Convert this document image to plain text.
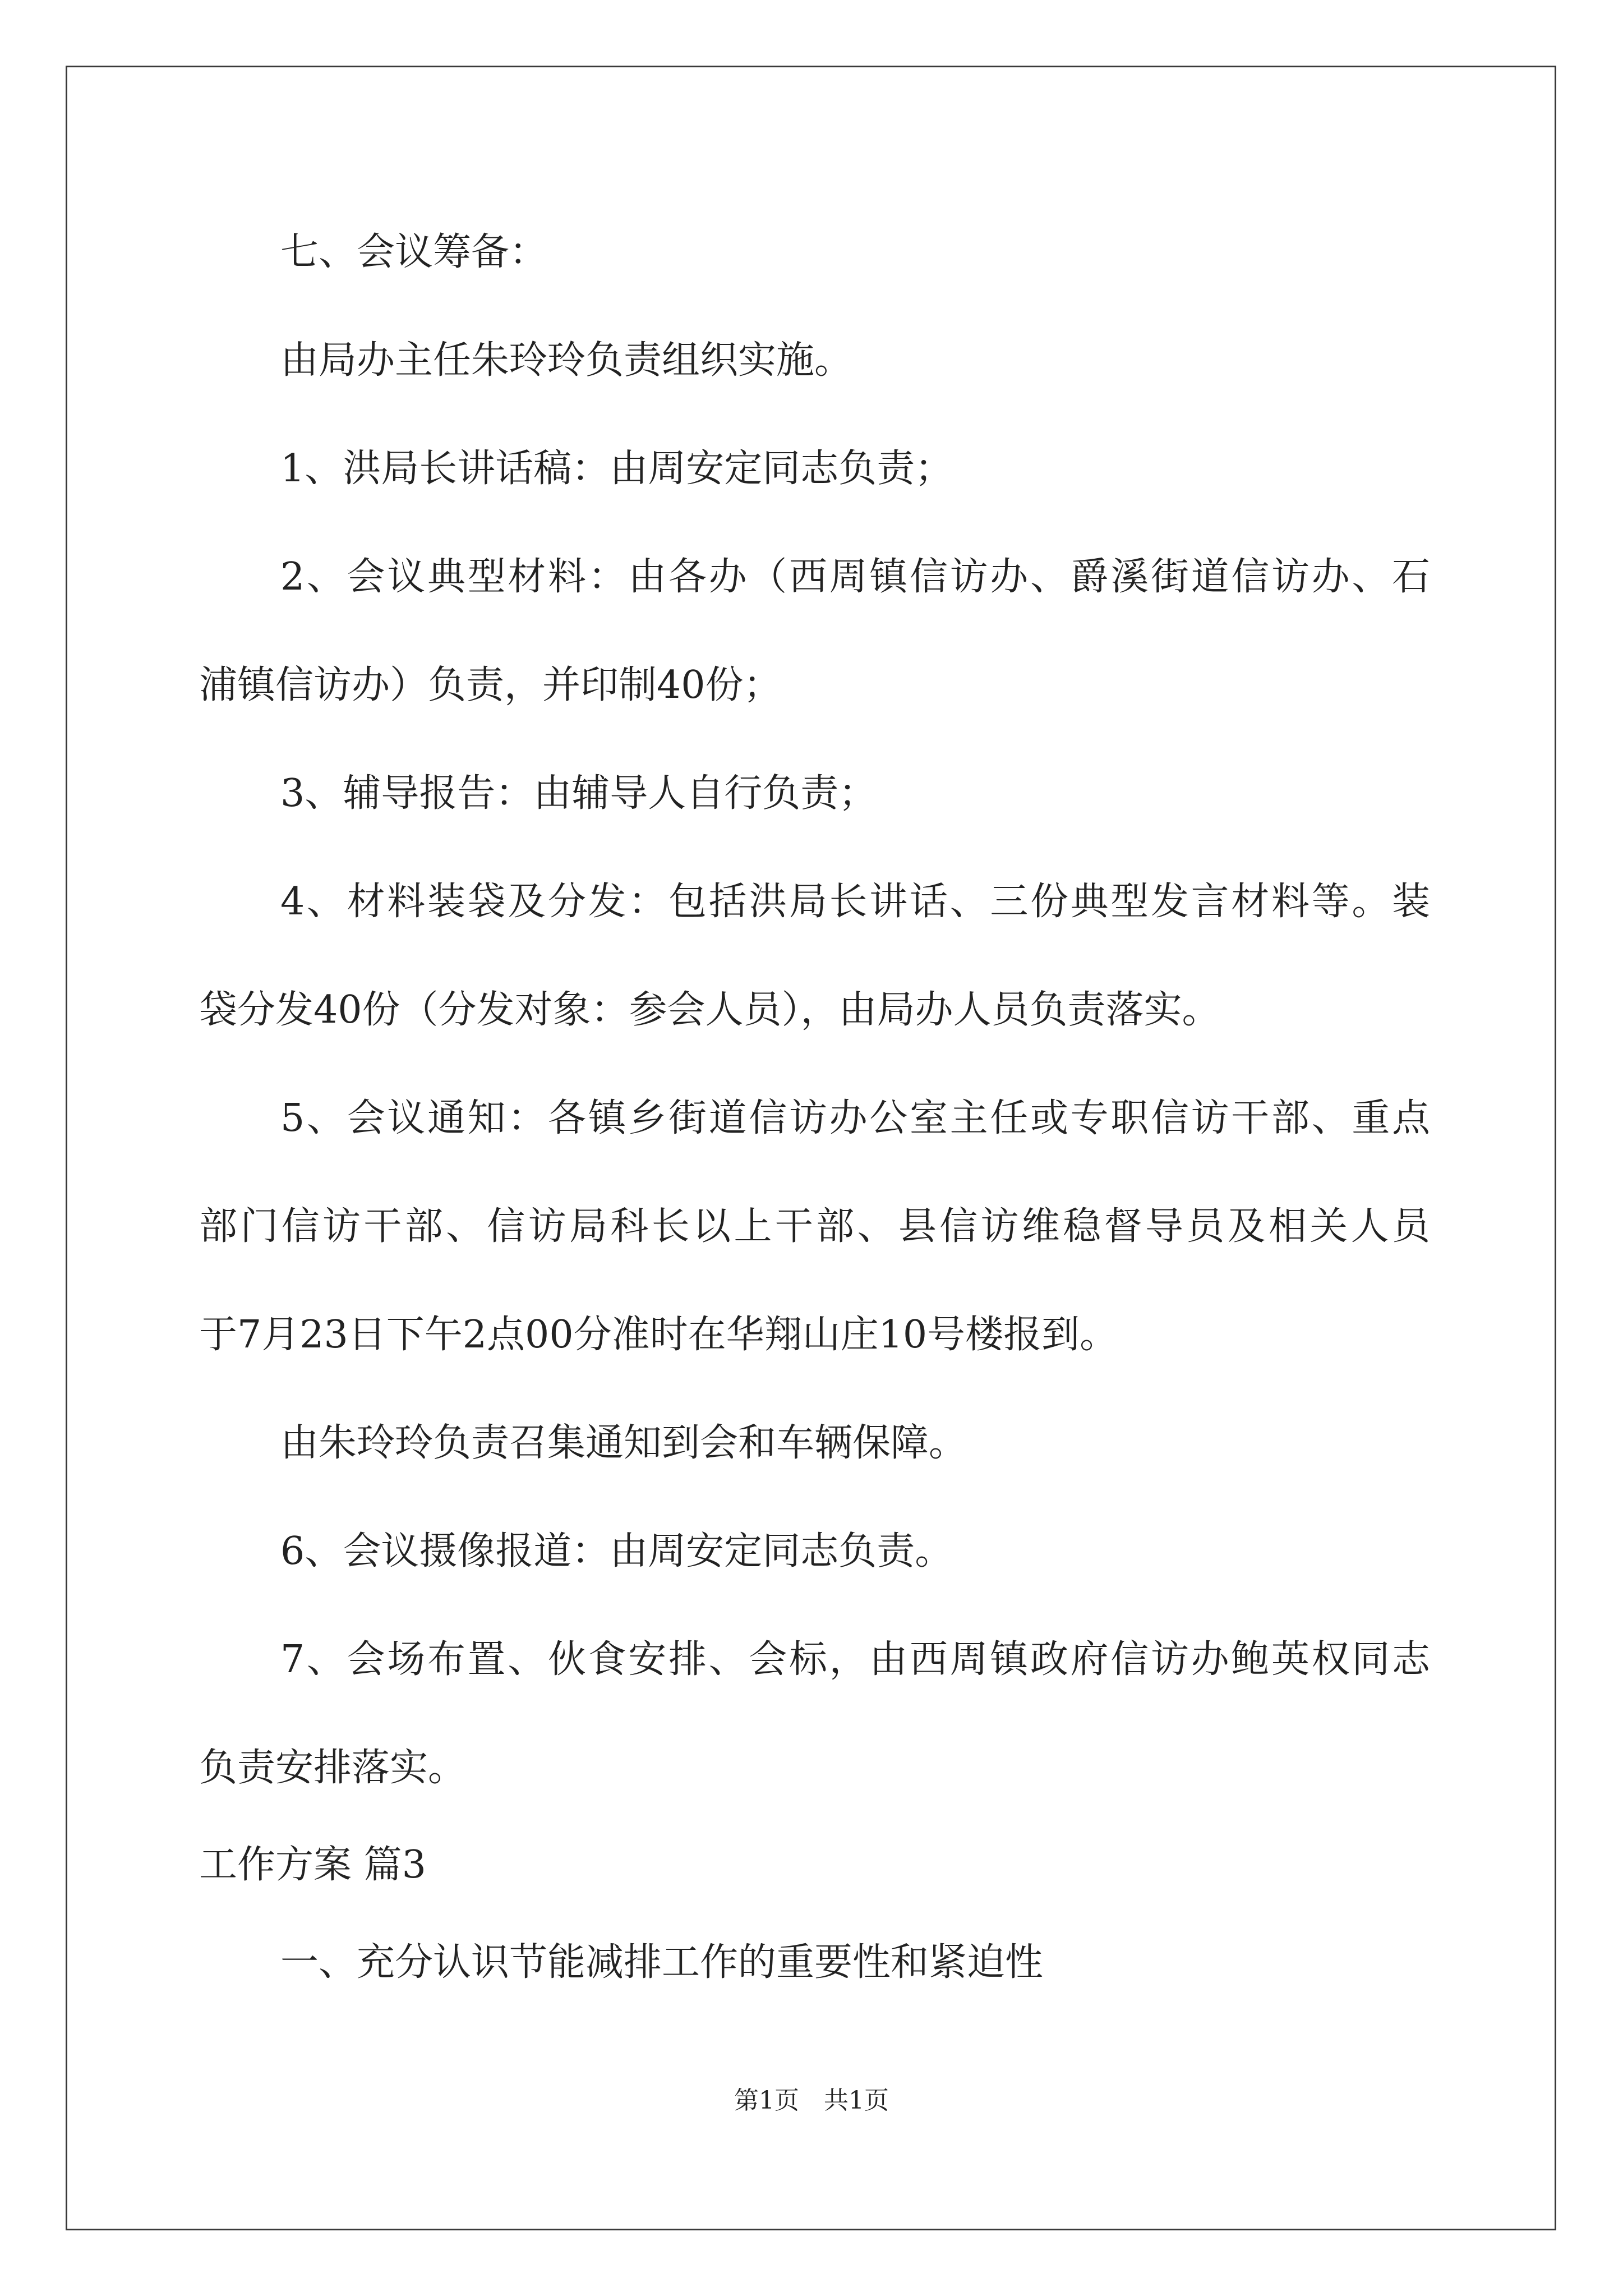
七、会议筹备：
由局办主任朱玲玲负责组织实施。
1、洪局长讲话稿：由周安定同志负责；
2、会议典型材料：由各办（西周镇信访办、爵溪街道信访办、石
浦镇信访办）负责，并印制40份；
3、辅导报告：由辅导人自行负责；
4、材料装袋及分发：包括洪局长讲话、三份典型发言材料等。装
袋分发40份（分发对象：参会人员），由局办人员负责落实。
5、会议通知：各镇乡街道信访办公室主任或专职信访干部、重点
部门信访干部、信访局科长以上干部、县信访维稳督导员及相关人员
于7月23日下午2点00分准时在华翔山庄10号楼报到。
由朱玲玲负责召集通知到会和车辆保障。
6、会议摄像报道：由周安定同志负责。
7、会场布置、伙食安排、会标，由西周镇政府信访办鲍英权同志
负责安排落实。
工作方案 篇3
一、充分认识节能减排工作的重要性和紧迫性
第1页　共1页
